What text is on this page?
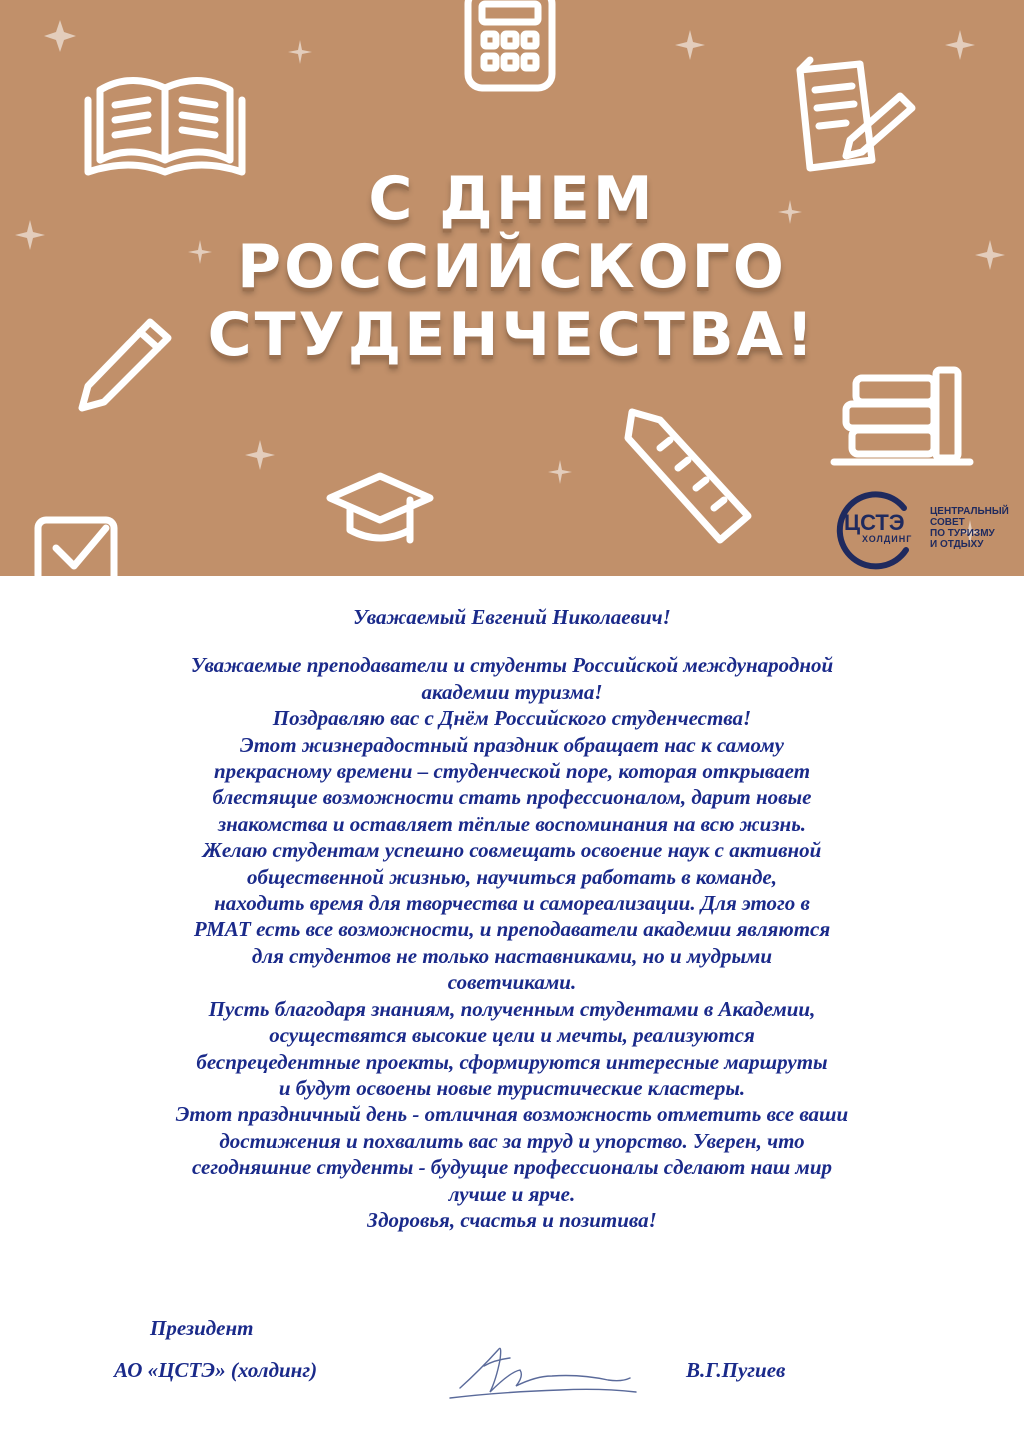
С ДНЕМ
РОССИЙСКОГО
СТУДЕНЧЕСТВА!
ЦСТЭ
ХОЛДИНГ
ЦЕНТРАЛЬНЫЙ
СОВЕТ
ПО ТУРИЗМУ
И ОТДЫХУ

Уважаемый Евгений Николаевич!

Уважаемые преподаватели и студенты Российской международной
академии туризма!
Поздравляю вас с Днём Российского студенчества!
Этот жизнерадостный праздник обращает нас к самому
прекрасному времени – студенческой поре, которая открывает
блестящие возможности стать профессионалом, дарит новые
знакомства и оставляет тёплые воспоминания на всю жизнь.
Желаю студентам успешно совмещать освоение наук с активной
общественной жизнью, научиться работать в команде,
находить время для творчества и самореализации. Для этого в
РМАТ есть все возможности, и преподаватели академии являются
для студентов не только наставниками, но и мудрыми
советчиками.
Пусть благодаря знаниям, полученным студентами в Академии,
осуществятся высокие цели и мечты, реализуются
беспрецедентные проекты, сформируются интересные маршруты
и будут освоены новые туристические кластеры.
Этот праздничный день - отличная возможность отметить все ваши
достижения и похвалить вас за труд и упорство. Уверен, что
сегодняшние студенты - будущие профессионалы сделают наш мир
лучше и ярче.
Здоровья, счастья и позитива!
Президент
АО «ЦСТЭ» (холдинг)	В.Г.Пугиев
